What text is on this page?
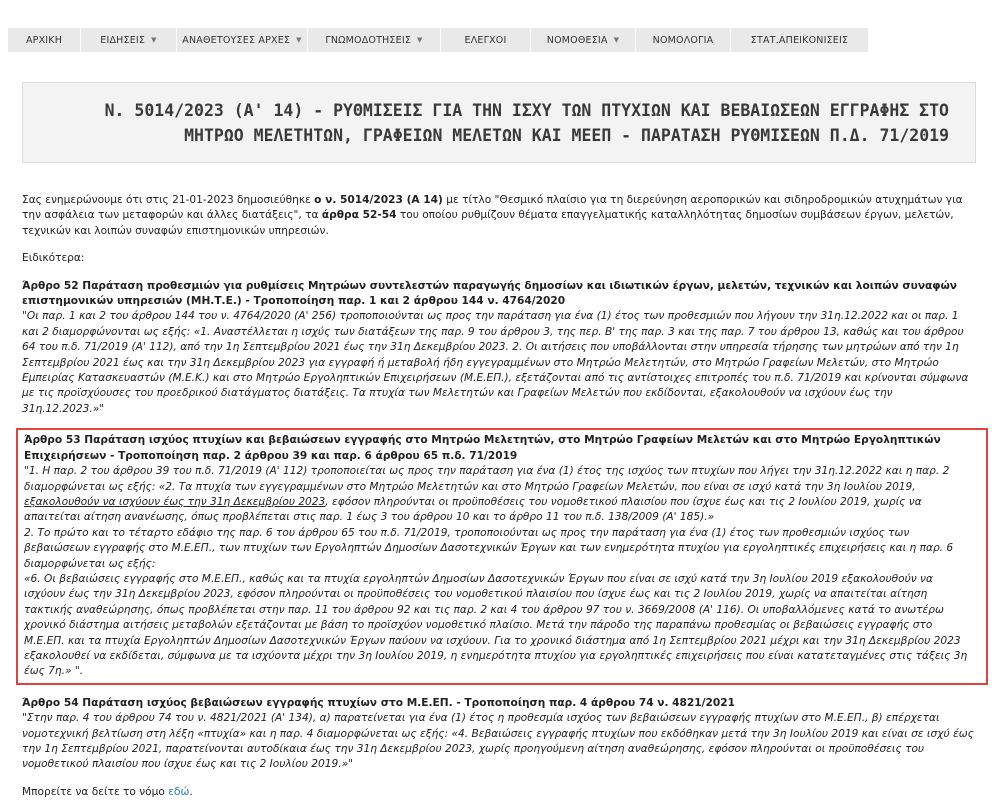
ΑΡΧΙΚΗ	ΕΙΔΗΣΕΙΣ ▼	ΑΝΑΘΕΤΟΥΣΕΣ ΑΡΧΕΣ ▼ ΓΝΩΜΟΔΟΤΗΣΕΙΣ ▼	ΕΛΕΓΧΟΙ	ΝΟΜΟΘΕΣΙΑ ▼	ΝΟΜΟΛΟΓΙΑ	ΣΤΑΤ.ΑΠΕΙΚΟΝΙΣΕΙΣ
Ν. 5014/2023 (Α' 14) - ΡΥΘΜΙΣΕΙΣ ΓΙΑ ΤΗΝ ΙΣΧΥ ΤΩΝ ΠΤΥΧΙΩΝ ΚΑΙ ΒΕΒΑΙΩΣΕΩΝ ΕΓΓΡΑΦΗΣ ΣΤΟ ΜΗΤΡΩΟ ΜΕΛΕΤΗΤΩΝ, ΓΡΑΦΕΙΩΝ ΜΕΛΕΤΩΝ ΚΑΙ ΜΕΕΠ - ΠΑΡΑΤΑΣΗ ΡΥΘΜΙΣΕΩΝ Π.Δ. 71/2019

Σας ενημερώνουμε ότι στις 21-01-2023 δημοσιεύθηκε ο ν. 5014/2023 (Α 14) με τίτλο "Θεσμικό πλαίσιο για τη διερεύνηση αεροπορικών και σιδηροδρομικών ατυχημάτων για την ασφάλεια των μεταφορών και άλλες διατάξεις", τα άρθρα 52-54 του οποίου ρυθμίζουν θέματα επαγγελματικής καταλληλότητας δημοσίων συμβάσεων έργων, μελετών, τεχνικών και λοιπών συναφών επιστημονικών υπηρεσιών.

Ειδικότερα:

Άρθρο 52 Παράταση προθεσμιών για ρυθμίσεις Μητρώων συντελεστών παραγωγής δημοσίων και ιδιωτικών έργων, μελετών, τεχνικών και λοιπών συναφών επιστημονικών υπηρεσιών (ΜΗ.Τ.Ε.) - Τροποποίηση παρ. 1 και 2 άρθρου 144 ν. 4764/2020

"Οι παρ. 1 και 2 του άρθρου 144 του ν. 4764/2020 (Α' 256) τροποποιούνται ως προς την παράταση για ένα (1) έτος των προθεσμιών που λήγουν την 31η.12.2022 και οι παρ. 1 και 2 διαμορφώνονται ως εξής: «1. Αναστέλλεται η ισχύς των διατάξεων της παρ. 9 του άρθρου 3, της περ. Β' της παρ. 3 και της παρ. 7 του άρθρου 13, καθώς και του άρθρου 64 του π.δ. 71/2019 (Α' 112), από την 1η Σεπτεμβρίου 2021 έως την 31η Δεκεμβρίου 2023. 2. Οι αιτήσεις που υποβάλλονται στην υπηρεσία τήρησης των μητρώων από την 1η Σεπτεμβρίου 2021 έως και την 31η Δεκεμβρίου 2023 για εγγραφή ή μεταβολή ήδη εγγεγραμμένων στο Μητρώο Μελετητών, στο Μητρώο Γραφείων Μελετών, στο Μητρώο Εμπειρίας Κατασκευαστών (Μ.Ε.Κ.) και στο Μητρώο Εργοληπτικών Επιχειρήσεων (Μ.Ε.ΕΠ.), εξετάζονται από τις αντίστοιχες επιτροπές του π.δ. 71/2019 και κρίνονται σύμφωνα με τις προϊσχύουσες του προεδρικού διατάγματος διατάξεις. Τα πτυχία των Μελετητών και Γραφείων Μελετών που εκδίδονται, εξακολουθούν να ισχύουν έως την 31η.12.2023.»"

Άρθρο 53 Παράταση ισχύος πτυχίων και βεβαιώσεων εγγραφής στο Μητρώο Μελετητών, στο Μητρώο Γραφείων Μελετών και στο Μητρώο Εργοληπτικών Επιχειρήσεων - Τροποποίηση παρ. 2 άρθρου 39 και παρ. 6 άρθρου 65 π.δ. 71/2019

"1. Η παρ. 2 του άρθρου 39 του π.δ. 71/2019 (Α' 112) τροποποιείται ως προς την παράταση για ένα (1) έτος της ισχύος των πτυχίων που λήγει την 31η.12.2022 και η παρ. 2 διαμορφώνεται ως εξής: «2. Τα πτυχία των εγγεγραμμένων στο Μητρώο Μελετητών και στο Μητρώο Γραφείων Μελετών, που είναι σε ισχύ κατά την 3η Ιουλίου 2019, εξακολουθούν να ισχύουν έως την 31η Δεκεμβρίου 2023, εφόσον πληρούνται οι προϋποθέσεις του νομοθετικού πλαισίου που ίσχυε έως και τις 2 Ιουλίου 2019, χωρίς να απαιτείται αίτηση ανανέωσης, όπως προβλέπεται στις παρ. 1 έως 3 του άρθρου 10 και το άρθρο 11 του π.δ. 138/2009 (Α' 185).»

2. Το πρώτο και το τέταρτο εδάφιο της παρ. 6 του άρθρου 65 του π.δ. 71/2019, τροποποιούνται ως προς την παράταση για ένα (1) έτος των προθεσμιών ισχύος των βεβαιώσεων εγγραφής στο Μ.Ε.ΕΠ., των πτυχίων των Εργοληπτών Δημοσίων Δασοτεχνικών Έργων και των ενημερότητα πτυχίου για εργοληπτικές επιχειρήσεις και η παρ. 6 διαμορφώνεται ως εξής:

«6. Οι βεβαιώσεις εγγραφής στο Μ.Ε.ΕΠ., καθώς και τα πτυχία εργοληπτών Δημοσίων Δασοτεχνικών Έργων που είναι σε ισχύ κατά την 3η Ιουλίου 2019 εξακολουθούν να ισχύουν έως την 31η Δεκεμβρίου 2023, εφόσον πληρούνται οι προϋποθέσεις του νομοθετικού πλαισίου που ίσχυε έως και τις 2 Ιουλίου 2019, χωρίς να απαιτείται αίτηση τακτικής αναθεώρησης, όπως προβλέπεται στην παρ. 11 του άρθρου 92 και τις παρ. 2 και 4 του άρθρου 97 του ν. 3669/2008 (Α' 116). Οι υποβαλλόμενες κατά το ανωτέρω χρονικό διάστημα αιτήσεις μεταβολών εξετάζονται με βάση το προϊσχύον νομοθετικό πλαίσιο. Μετά την πάροδο της παραπάνω προθεσμίας οι βεβαιώσεις εγγραφής στο Μ.Ε.ΕΠ. και τα πτυχία Εργοληπτών Δημοσίων Δασοτεχνικών Έργων παύουν να ισχύουν. Για το χρονικό διάστημα από 1η Σεπτεμβρίου 2021 μέχρι και την 31η Δεκεμβρίου 2023 εξακολουθεί να εκδίδεται, σύμφωνα με τα ισχύοντα μέχρι την 3η Ιουλίου 2019, η ενημερότητα πτυχίου για εργοληπτικές επιχειρήσεις που είναι κατατεταγμένες στις τάξεις 3η έως 7η.» ".

Άρθρο 54 Παράταση ισχύος βεβαιώσεων εγγραφής πτυχίων στο Μ.Ε.ΕΠ. - Τροποποίηση παρ. 4 άρθρου 74 ν. 4821/2021

"Στην παρ. 4 του άρθρου 74 του ν. 4821/2021 (Α' 134), α) παρατείνεται για ένα (1) έτος η προθεσμία ισχύος των βεβαιώσεων εγγραφής πτυχίων στο Μ.Ε.ΕΠ., β) επέρχεται νομοτεχνική βελτίωση στη λέξη «πτυχία» και η παρ. 4 διαμορφώνεται ως εξής: «4. Βεβαιώσεις εγγραφής πτυχίων που εκδόθηκαν μετά την 3η Ιουλίου 2019 και είναι σε ισχύ έως την 1η Σεπτεμβρίου 2021, παρατείνονται αυτοδίκαια έως την 31η Δεκεμβρίου 2023, χωρίς προηγούμενη αίτηση αναθεώρησης, εφόσον πληρούνται οι προϋποθέσεις του νομοθετικού πλαισίου που ίσχυε έως και τις 2 Ιουλίου 2019.»"

Μπορείτε να δείτε το νόμο εδώ.
